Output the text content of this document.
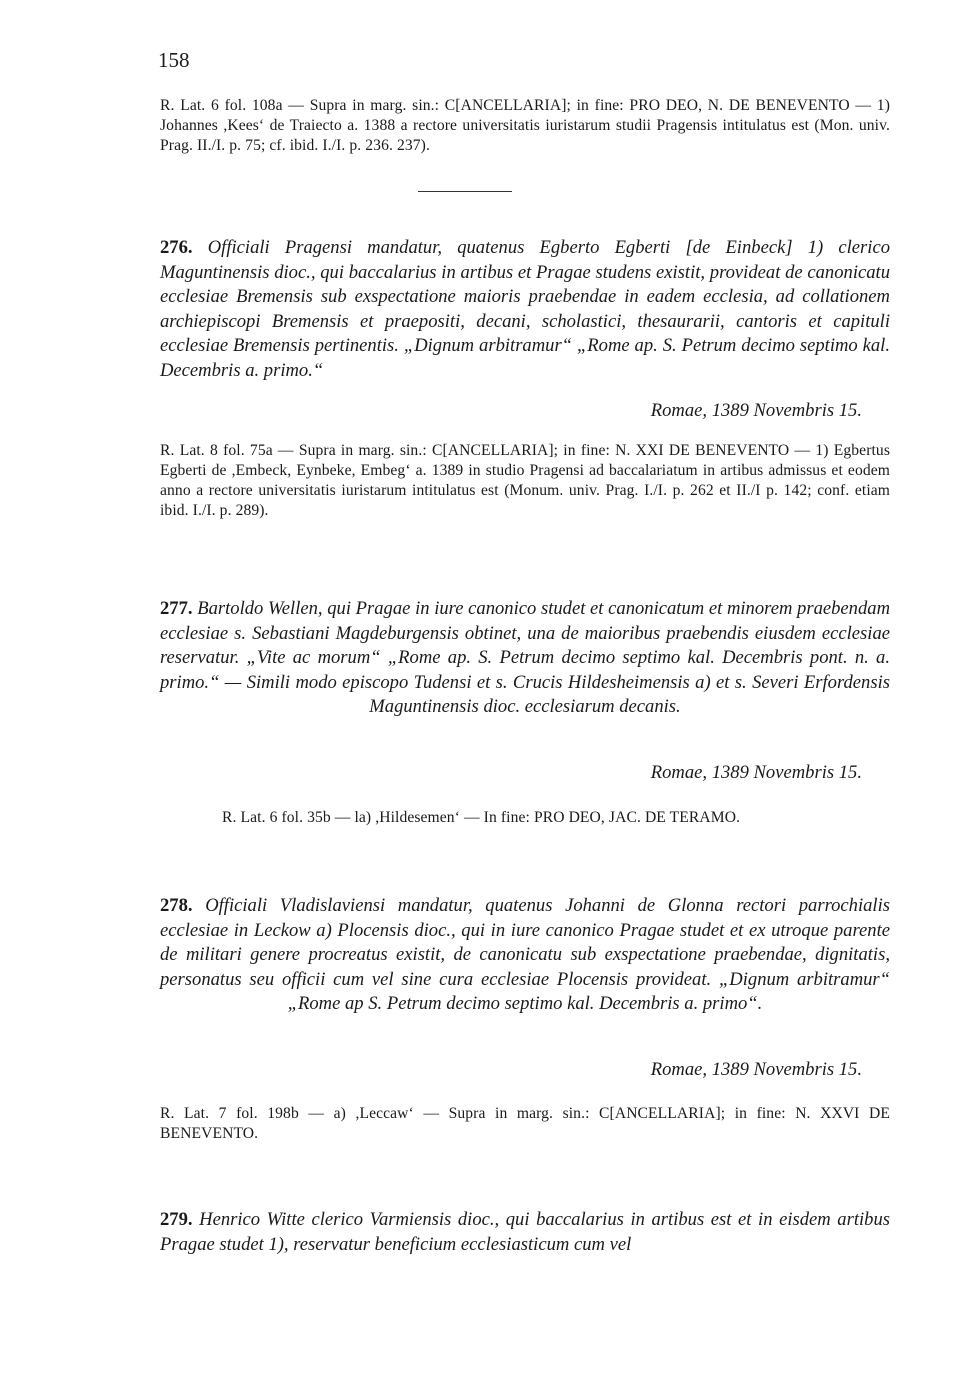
158

R. Lat. 6 fol. 108a — Supra in marg. sin.: C[ANCELLARIA]; in fine: PRO DEO, N. DE BENEVENTO — 1) Johannes ,Kees‘ de Traiecto a. 1388 a rectore universitatis iuristarum studii Pragensis intitulatus est (Mon. univ. Prag. II./I. p. 75; cf. ibid. I./I. p. 236. 237).

276. Officiali Pragensi mandatur, quatenus Egberto Egberti [de Einbeck] 1) clerico Maguntinensis dioc., qui baccalarius in artibus et Pragae studens existit, provideat de canonicatu ecclesiae Bremensis sub exspectatione maioris praebendae in eadem ecclesia, ad collationem archiepiscopi Bremensis et praepositi, decani, scholastici, thesaurarii, cantoris et capituli ecclesiae Bremensis pertinentis. „Dignum arbitramur“ „Rome ap. S. Petrum decimo septimo kal. Decembris a. primo.“

Romae, 1389 Novembris 15.

R. Lat. 8 fol. 75a — Supra in marg. sin.: C[ANCELLARIA]; in fine: N. XXI DE BENEVENTO — 1) Egbertus Egberti de ,Embeck, Eynbeke, Embeg‘ a. 1389 in studio Pragensi ad baccalariatum in artibus admissus et eodem anno a rectore universitatis iuristarum intitulatus est (Monum. univ. Prag. I./I. p. 262 et II./I p. 142; conf. etiam ibid. I./I. p. 289).

277. Bartoldo Wellen, qui Pragae in iure canonico studet et canonicatum et minorem praebendam ecclesiae s. Sebastiani Magdeburgensis obtinet, una de maioribus praebendis eiusdem ecclesiae reservatur. „Vite ac morum“ „Rome ap. S. Petrum decimo septimo kal. Decembris pont. n. a. primo.“ — Simili modo episcopo Tudensi et s. Crucis Hildesheimensis a) et s. Severi Erfordensis Maguntinensis dioc. ecclesiarum decanis.

Romae, 1389 Novembris 15.

R. Lat. 6 fol. 35b — la) ,Hildesemen‘ — In fine: PRO DEO, JAC. DE TERAMO.

278. Officiali Vladislaviensi mandatur, quatenus Johanni de Glonna rectori parrochialis ecclesiae in Leckow a) Plocensis dioc., qui in iure canonico Pragae studet et ex utroque parente de militari genere procreatus existit, de canonicatu sub exspectatione praebendae, dignitatis, personatus seu officii cum vel sine cura ecclesiae Plocensis provideat. „Dignum arbitramur“ „Rome ap S. Petrum decimo septimo kal. Decembris a. primo“.

Romae, 1389 Novembris 15.

R. Lat. 7 fol. 198b — a) ,Leccaw‘ — Supra in marg. sin.: C[ANCELLARIA]; in fine: N. XXVI DE BENEVENTO.

279. Henrico Witte clerico Varmiensis dioc., qui baccalarius in artibus est et in eisdem artibus Pragae studet 1), reservatur beneficium ecclesiasticum cum vel
